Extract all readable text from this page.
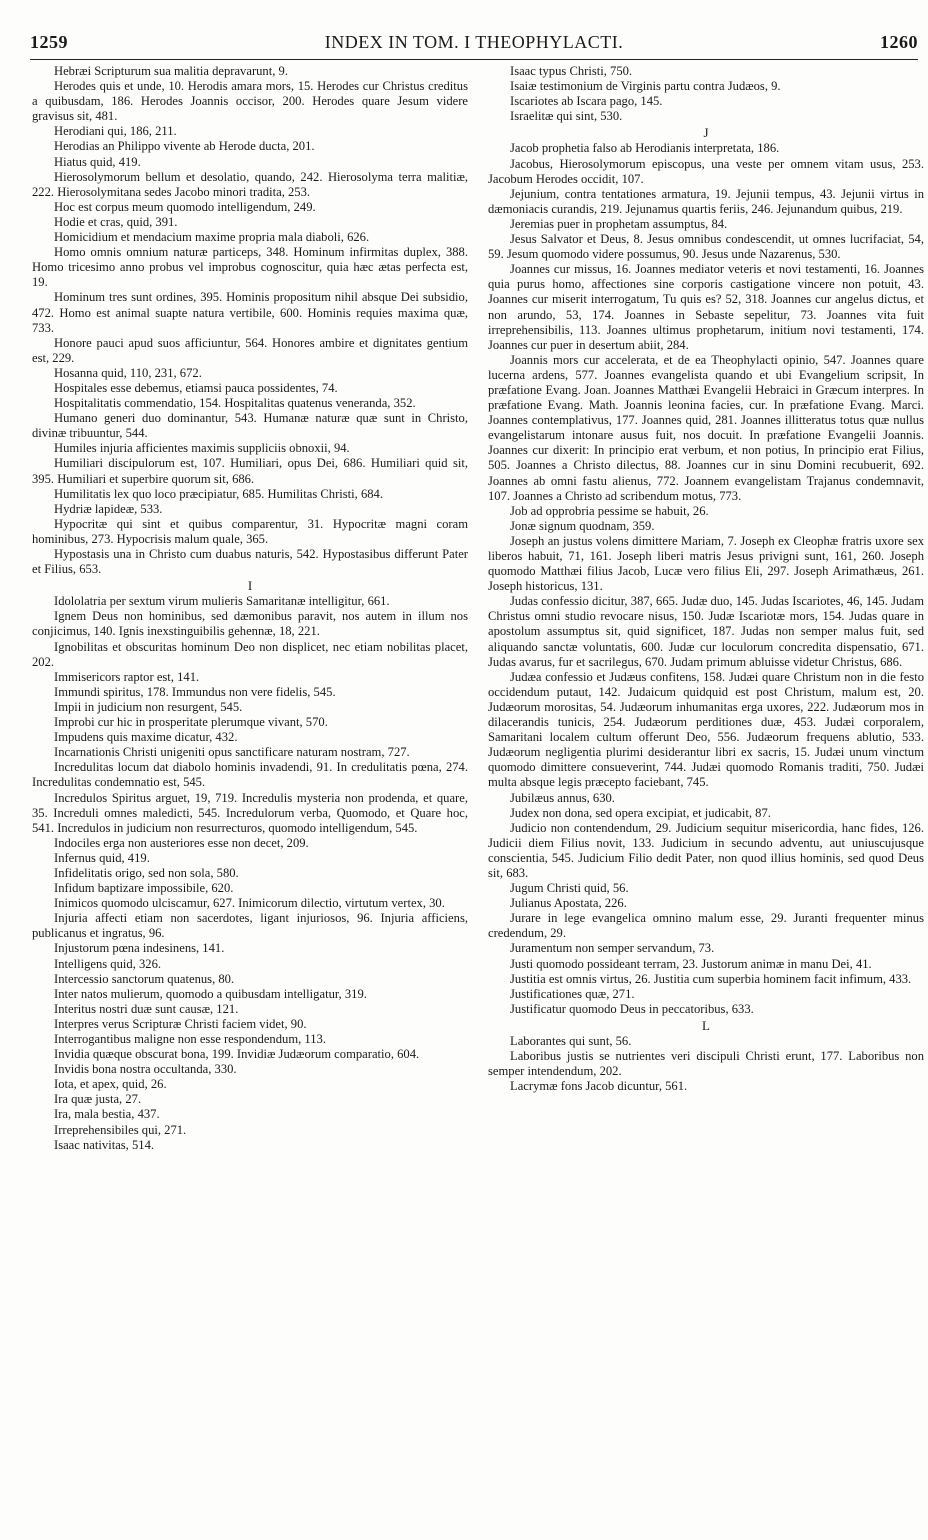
1259	INDEX IN TOM. I THEOPHYLACTI.	1260

Hebræi Scripturum sua malitia depravarunt, 9.

Herodes quis et unde, 10. Herodis amara mors, 15. Herodes cur Christus creditus a quibusdam, 186. Herodes Joannis occisor, 200. Herodes quare Jesum videre gravisus sit, 481.

Herodiani qui, 186, 211.

Herodias an Philippo vivente ab Herode ducta, 201.

Hiatus quid, 419.

Hierosolymorum bellum et desolatio, quando, 242. Hierosolyma terra malitiæ, 222. Hierosolymitana sedes Jacobo minori tradita, 253.

Hoc est corpus meum quomodo intelligendum, 249.

Hodie et cras, quid, 391.

Homicidium et mendacium maxime propria mala diaboli, 626.

Homo omnis omnium naturæ particeps, 348. Hominum infirmitas duplex, 388. Homo tricesimo anno probus vel improbus cognoscitur, quia hæc ætas perfecta est, 19.

Hominum tres sunt ordines, 395. Hominis propositum nihil absque Dei subsidio, 472. Homo est animal suapte natura vertibile, 600. Hominis requies maxima quæ, 733.

Honore pauci apud suos afficiuntur, 564. Honores ambire et dignitates gentium est, 229.

Hosanna quid, 110, 231, 672.

Hospitales esse debemus, etiamsi pauca possidentes, 74.

Hospitalitatis commendatio, 154. Hospitalitas quatenus veneranda, 352.

Humano generi duo dominantur, 543. Humanæ naturæ quæ sunt in Christo, divinæ tribuuntur, 544.

Humiles injuria afficientes maximis suppliciis obnoxii, 94.

Humiliari discipulorum est, 107. Humiliari, opus Dei, 686. Humiliari quid sit, 395. Humiliari et superbire quorum sit, 686.

Humilitatis lex quo loco præcipiatur, 685. Humilitas Christi, 684.

Hydriæ lapideæ, 533.

Hypocritæ qui sint et quibus comparentur, 31. Hypocritæ magni coram hominibus, 273. Hypocrisis malum quale, 365.

Hypostasis una in Christo cum duabus naturis, 542. Hypostasibus differunt Pater et Filius, 653.

I

Idololatria per sextum virum mulieris Samaritanæ intelligitur, 661.

Ignem Deus non hominibus, sed dæmonibus paravit, nos autem in illum nos conjicimus, 140. Ignis inexstinguibilis gehennæ, 18, 221.

Ignobilitas et obscuritas hominum Deo non displicet, nec etiam nobilitas placet, 202.

Immisericors raptor est, 141.

Immundi spiritus, 178. Immundus non vere fidelis, 545.

Impii in judicium non resurgent, 545.

Improbi cur hic in prosperitate plerumque vivant, 570.

Impudens quis maxime dicatur, 432.

Incarnationis Christi unigeniti opus sanctificare naturam nostram, 727.

Incredulitas locum dat diabolo hominis invadendi, 91. In credulitatis pœna, 274. Incredulitas condemnatio est, 545.

Incredulos Spiritus arguet, 19, 719. Incredulis mysteria non prodenda, et quare, 35. Increduli omnes maledicti, 545. Incredulorum verba, Quomodo, et Quare hoc, 541. Incredulos in judicium non resurrecturos, quomodo intelligendum, 545.

Indociles erga non austeriores esse non decet, 209.

Infernus quid, 419.

Infidelitatis origo, sed non sola, 580.

Infidum baptizare impossibile, 620.

Inimicos quomodo ulciscamur, 627. Inimicorum dilectio, virtutum vertex, 30.

Injuria affecti etiam non sacerdotes, ligant injuriosos, 96. Injuria afficiens, publicanus et ingratus, 96.

Injustorum pœna indesinens, 141.

Intelligens quid, 326.

Intercessio sanctorum quatenus, 80.

Inter natos mulierum, quomodo a quibusdam intelligatur, 319.

Interitus nostri duæ sunt causæ, 121.

Interpres verus Scripturæ Christi faciem videt, 90.

Interrogantibus maligne non esse respondendum, 113.

Invidia quæque obscurat bona, 199. Invidiæ Judæorum comparatio, 604.

Invidis bona nostra occultanda, 330.

Iota, et apex, quid, 26.

Ira quæ justa, 27.

Ira, mala bestia, 437.

Irreprehensibiles qui, 271.

Isaac nativitas, 514.

Isaac typus Christi, 750.

Isaiæ testimonium de Virginis partu contra Judæos, 9.

Iscariotes ab Iscara pago, 145.

Israelitæ qui sint, 530.

J

Jacob prophetia falso ab Herodianis interpretata, 186.

Jacobus, Hierosolymorum episcopus, una veste per omnem vitam usus, 253. Jacobum Herodes occidit, 107.

Jejunium, contra tentationes armatura, 19. Jejunii tempus, 43. Jejunii virtus in dæmoniacis curandis, 219. Jejunamus quartis feriis, 246. Jejunandum quibus, 219.

Jeremias puer in prophetam assumptus, 84.

Jesus Salvator et Deus, 8. Jesus omnibus condescendit, ut omnes lucrifaciat, 54, 59. Jesum quomodo videre possumus, 90. Jesus unde Nazarenus, 530.

Joannes cur missus, 16. Joannes mediator veteris et novi testamenti, 16. Joannes quia purus homo, affectiones sine corporis castigatione vincere non potuit, 43. Joannes cur miserit interrogatum, Tu quis es? 52, 318. Joannes cur angelus dictus, et non arundo, 53, 174. Joannes in Sebaste sepelitur, 73. Joannes vita fuit irreprehensibilis, 113. Joannes ultimus prophetarum, initium novi testamenti, 174. Joannes cur puer in desertum abiit, 284.

Joannis mors cur accelerata, et de ea Theophylacti opinio, 547. Joannes quare lucerna ardens, 577. Joannes evangelista quando et ubi Evangelium scripsit, In præfatione Evang. Joan. Joannes Matthæi Evangelii Hebraici in Græcum interpres. In præfatione Evang. Math. Joannis leonina facies, cur. In præfatione Evang. Marci. Joannes contemplativus, 177. Joannes quid, 281. Joannes illitteratus totus quæ nullus evangelistarum intonare ausus fuit, nos docuit. In præfatione Evangelii Joannis. Joannes cur dixerit: In principio erat verbum, et non potius, In principio erat Filius, 505. Joannes a Christo dilectus, 88. Joannes cur in sinu Domini recubuerit, 692. Joannes ab omni fastu alienus, 772. Joannem evangelistam Trajanus condemnavit, 107. Joannes a Christo ad scribendum motus, 773.

Job ad opprobria pessime se habuit, 26.

Jonæ signum quodnam, 359.

Joseph an justus volens dimittere Mariam, 7. Joseph ex Cleophæ fratris uxore sex liberos habuit, 71, 161. Joseph liberi matris Jesus privigni sunt, 161, 260. Joseph quomodo Matthæi filius Jacob, Lucæ vero filius Eli, 297. Joseph Arimathæus, 261. Joseph historicus, 131.

Judas confessio dicitur, 387, 665. Judæ duo, 145. Judas Iscariotes, 46, 145. Judam Christus omni studio revocare nisus, 150. Judæ Iscariotæ mors, 154. Judas quare in apostolum assumptus sit, quid significet, 187. Judas non semper malus fuit, sed aliquando sanctæ voluntatis, 600. Judæ cur loculorum concredita dispensatio, 671. Judas avarus, fur et sacrilegus, 670. Judam primum abluisse videtur Christus, 686.

Judæa confessio et Judæus confitens, 158. Judæi quare Christum non in die festo occidendum putaut, 142. Judaicum quidquid est post Christum, malum est, 20. Judæorum morositas, 54. Judæorum inhumanitas erga uxores, 222. Judæorum mos in dilacerandis tunicis, 254. Judæorum perditiones duæ, 453. Judæi corporalem, Samaritani localem cultum offerunt Deo, 556. Judæorum frequens ablutio, 533. Judæorum negligentia plurimi desiderantur libri ex sacris, 15. Judæi unum vinctum quomodo dimittere consueverint, 744. Judæi quomodo Romanis traditi, 750. Judæi multa absque legis præcepto faciebant, 745.

Jubilæus annus, 630.

Judex non dona, sed opera excipiat, et judicabit, 87.

Judicio non contendendum, 29. Judicium sequitur misericordia, hanc fides, 126. Judicii diem Filius novit, 133. Judicium in secundo adventu, aut uniuscujusque conscientia, 545. Judicium Filio dedit Pater, non quod illius hominis, sed quod Deus sit, 683.

Jugum Christi quid, 56.

Julianus Apostata, 226.

Jurare in lege evangelica omnino malum esse, 29. Juranti frequenter minus credendum, 29.

Juramentum non semper servandum, 73.

Justi quomodo possideant terram, 23. Justorum animæ in manu Dei, 41.

Justitia est omnis virtus, 26. Justitia cum superbia hominem facit infimum, 433.

Justificationes quæ, 271.

Justificatur quomodo Deus in peccatoribus, 633.

L

Laborantes qui sunt, 56.

Laboribus justis se nutrientes veri discipuli Christi erunt, 177. Laboribus non semper intendendum, 202.

Lacrymæ fons Jacob dicuntur, 561.
